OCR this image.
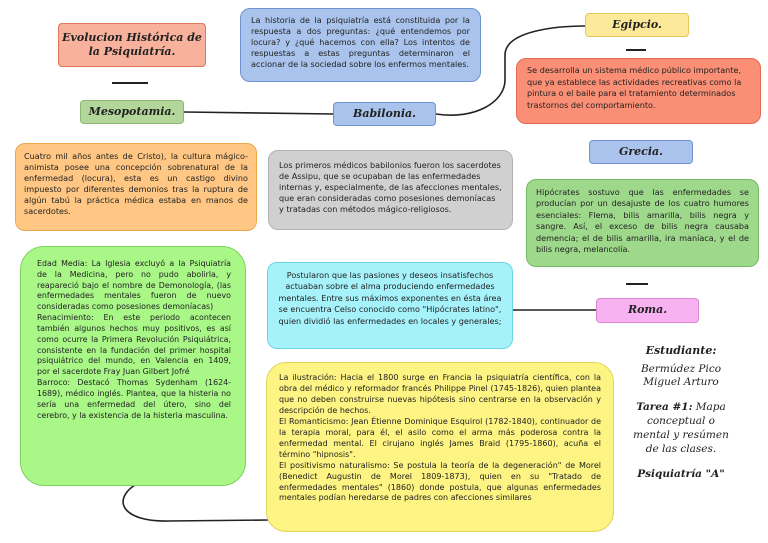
Evolucion Histórica de
la Psiquiatría.
La historia de la psiquiatría está constituida por la respuesta a dos preguntas: ¿qué entendemos por locura? y ¿qué hacemos con ella? Los intentos de respuestas a estas preguntas determinaron el accionar de la sociedad sobre los enfermos mentales.
Egipcio.
Se desarrolla un sistema médico público importante, que ya establece las actividades recreativas como la pintura o el baile para el tratamiento determinados trastornos del comportamiento.
Mesopotamia.	Babilonia.
Grecia.
Cuatro mil años antes de Cristo), la cultura mágico-animista posee una concepción sobrenatural de la enfermedad (locura), esta es un castigo divino impuesto por diferentes demonios tras la ruptura de algún tabú la práctica médica estaba en manos de sacerdotes.
Los primeros médicos babilonios fueron los sacerdotes de Assipu, que se ocupaban de las enfermedades internas y, especialmente, de las afecciones mentales, que eran consideradas como posesiones demoníacas y tratadas con métodos mágico-religiosos.
Hipócrates sostuvo que las enfermedades se producían por un desajuste de los cuatro humores esenciales: Flema, bilis amarilla, bilis negra y sangre. Así, el exceso de bilis negra causaba demencia; el de bilis amarilla, ira maníaca, y el de bilis negra, melancolía.
Postularon que las pasiones y deseos insatisfechos actuaban sobre el alma produciendo enfermedades mentales. Entre sus máximos exponentes en ésta área se encuentra Celso conocido como "Hipócrates latino", quien dividió las enfermedades en locales y generales;
Roma.
Edad Media: La Iglesia excluyó a la Psiquiatría de la Medicina, pero no pudo abolirla, y reapareció bajo el nombre de Demonología, (las enfermedades mentales fueron de nuevo consideradas como posesiones demoníacas)
Renacimiento: En este periodo acontecen también algunos hechos muy positivos, es así como ocurre la Primera Revolución Psiquiátrica, consistente en la fundación del primer hospital psiquiátrico del mundo, en Valencia en 1409, por el sacerdote Fray Juan Gilbert Jofré
Barroco: Destacó Thomas Sydenham (1624-1689), médico inglés. Plantea, que la histeria no sería una enfermedad del útero, sino del cerebro, y la existencia de la histeria masculina.
La ilustración: Hacia el 1800 surge en Francia la psiquiatría científica, con la obra del médico y reformador francés Philippe Pinel (1745-1826), quien plantea que no deben construirse nuevas hipótesis sino centrarse en la observación y descripción de hechos.
El Romanticismo: Jean Étienne Dominique Esquirol (1782-1840), continuador de la terapia moral, para él, el asilo como el arma más poderosa contra la enfermedad mental. El cirujano inglés James Braid (1795-1860), acuña el término "hipnosis".
El positivismo naturalismo: Se postula la teoría de la degeneración" de Morel (Benedict Augustin de Morel 1809-1873), quien en su "Tratado de enfermedades mentales" (1860) donde postula, que algunas enfermedades mentales podían heredarse de padres con afecciones similares
Estudiante:
Bermúdez Pico
Miguel Arturo
Tarea #1: Mapa conceptual o mental y resúmen de las clases.
Psiquiatría "A"
